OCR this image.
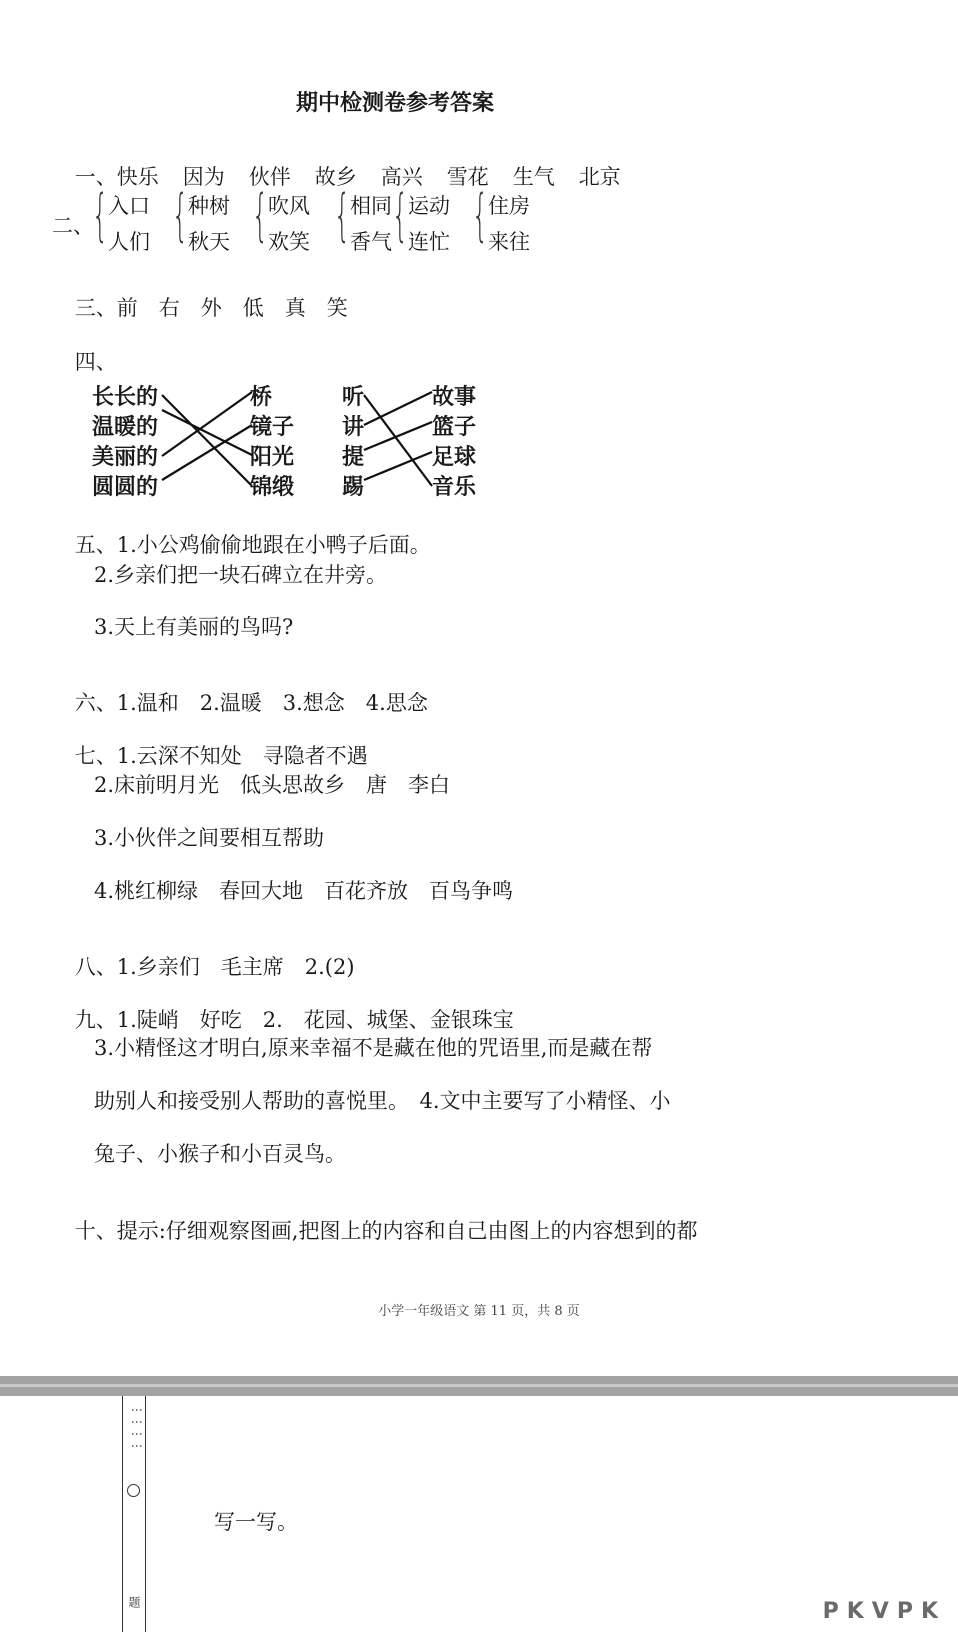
期中检测卷参考答案

一、快乐 因为 伙伴 故乡 高兴 雪花 生气 北京

二、
{ 入口
人们 { 种树
秋天 { 吹风
欢笑 { 相同
香气 { 运动
连忙 { 住房
来往

三、前　右　外　低　真　笑

四、

长长的
温暖的
美丽的
圆圆的
桥
镜子
阳光
锦缎
听
讲
提
踢
故事
篮子
足球
音乐

五、1.小公鸡偷偷地跟在小鸭子后面。

2.乡亲们把一块石碑立在井旁。
3.天上有美丽的鸟吗?

六、1.温和　2.温暖　3.想念　4.思念

七、1.云深不知处　寻隐者不遇

2.床前明月光　低头思故乡　唐　李白
3.小伙伴之间要相互帮助
4.桃红柳绿　春回大地　百花齐放　百鸟争鸣

八、1.乡亲们　毛主席　2.(2)

九、1.陡峭　好吃　2.　花园、城堡、金银珠宝

3.小精怪这才明白,原来幸福不是藏在他的咒语里,而是藏在帮
助别人和接受别人帮助的喜悦里。　4.文中主要写了小精怪、小
兔子、小猴子和小百灵鸟。

十、提示:仔细观察图画,把图上的内容和自己由图上的内容想到的都

小学一年级语文 第 11 页，共 8 页
⋮⋮⋮⋮
题
写一写。
PKVPK
